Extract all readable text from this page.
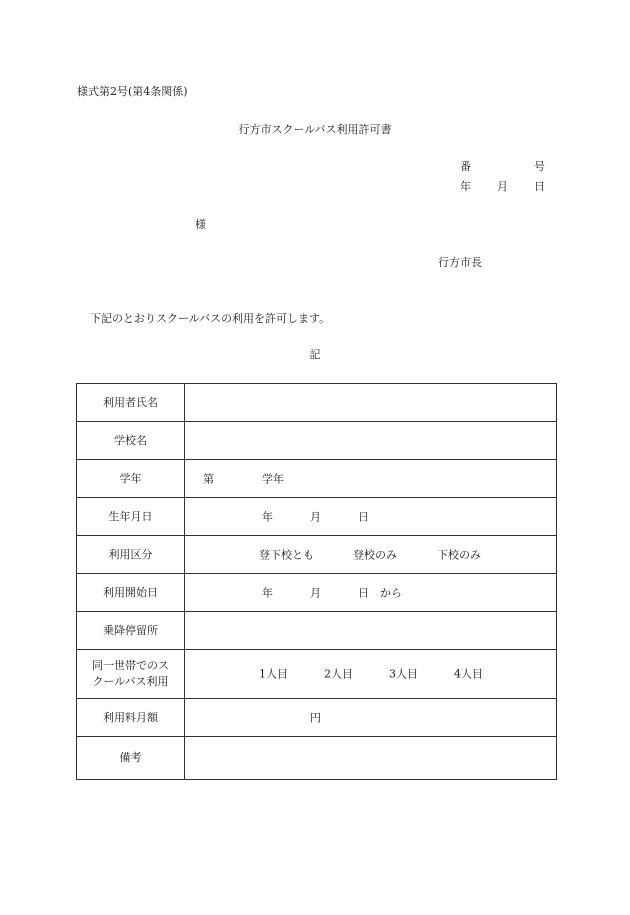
様式第2号(第4条関係)
行方市スクールバス利用許可書
番	号
年 月 日
様
行方市長
下記のとおりスクールバスの利用を許可します。
記
利用者氏名	
学校名	
学年	第 学年

生年月日	年 月 日

利用区分	登下校とも 登校のみ 下校のみ

利用開始日	年 月 日 から

乗降停留所	
同一世帯でのス
クールバス利用	1人目 2人目 3人目 4人目

利用料月額	円

備考	
